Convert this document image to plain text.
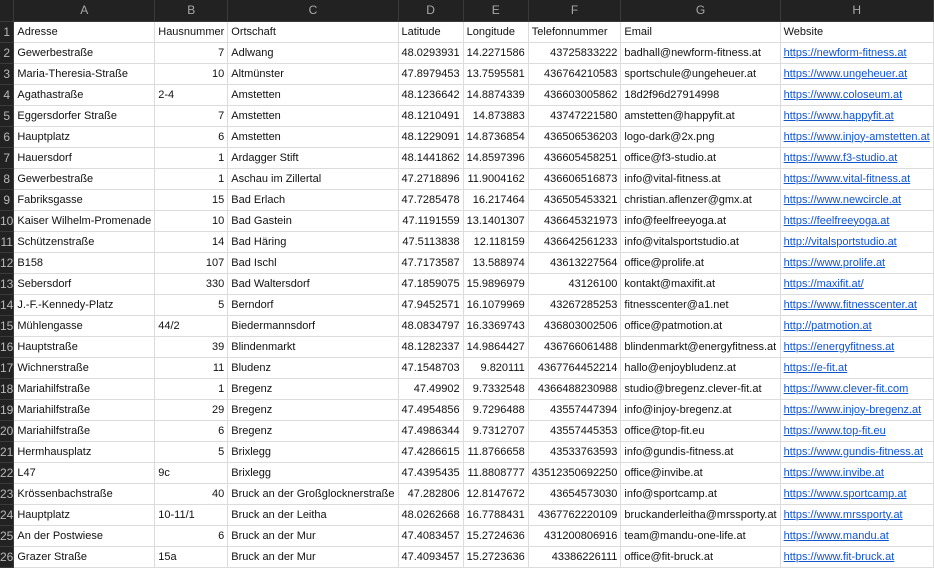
	A	B	C	D	E	F	G	H
1	Adresse	Hausnummer	Ortschaft	Latitude	Longitude	Telefonnummer	Email	Website
2	Gewerbestraße	7	Adlwang	48.0293931	14.2271586	43725833222	badhall@newform-fitness.at	https://newform-fitness.at
3	Maria-Theresia-Straße	10	Altmünster	47.8979453	13.7595581	436764210583	sportschule@ungeheuer.at	https://www.ungeheuer.at
4	Agathastraße	2-4	Amstetten	48.1236642	14.8874339	436603005862	18d2f96d27914998	https://www.coloseum.at
5	Eggersdorfer Straße	7	Amstetten	48.1210491	14.873883	43747221580	amstetten@happyfit.at	https://www.happyfit.at
6	Hauptplatz	6	Amstetten	48.1229091	14.8736854	436506536203	logo-dark@2x.png	https://www.injoy-amstetten.at
7	Hauersdorf	1	Ardagger Stift	48.1441862	14.8597396	436605458251	office@f3-studio.at	https://www.f3-studio.at
8	Gewerbestraße	1	Aschau im Zillertal	47.2718896	11.9004162	436606516873	info@vital-fitness.at	https://www.vital-fitness.at
9	Fabriksgasse	15	Bad Erlach	47.7285478	16.217464	436505453321	christian.aflenzer@gmx.at	https://www.newcircle.at
10	Kaiser Wilhelm-Promenade	10	Bad Gastein	47.1191559	13.1401307	436645321973	info@feelfreeyoga.at	https://feelfreeyoga.at
11	Schützenstraße	14	Bad Häring	47.5113838	12.118159	436642561233	info@vitalsportstudio.at	http://vitalsportstudio.at
12	B158	107	Bad Ischl	47.7173587	13.588974	43613227564	office@prolife.at	https://www.prolife.at
13	Sebersdorf	330	Bad Waltersdorf	47.1859075	15.9896979	43126100	kontakt@maxifit.at	https://maxifit.at/
14	J.-F.-Kennedy-Platz	5	Berndorf	47.9452571	16.1079969	43267285253	fitnesscenter@a1.net	https://www.fitnesscenter.at
15	Mühlengasse	44/2	Biedermannsdorf	48.0834797	16.3369743	436803002506	office@patmotion.at	http://patmotion.at
16	Hauptstraße	39	Blindenmarkt	48.1282337	14.9864427	436766061488	blindenmarkt@energyfitness.at	https://energyfitness.at
17	Wichnerstraße	11	Bludenz	47.1548703	9.820111	4367764452214	hallo@enjoybludenz.at	https://e-fit.at
18	Mariahilfstraße	1	Bregenz	47.49902	9.7332548	4366488230988	studio@bregenz.clever-fit.at	https://www.clever-fit.com
19	Mariahilfstraße	29	Bregenz	47.4954856	9.7296488	43557447394	info@injoy-bregenz.at	https://www.injoy-bregenz.at
20	Mariahilfstraße	6	Bregenz	47.4986344	9.7312707	43557445353	office@top-fit.eu	https://www.top-fit.eu
21	Hermhausplatz	5	Brixlegg	47.4286615	11.8766658	43533763593	info@gundis-fitness.at	https://www.gundis-fitness.at
22	L47	9c	Brixlegg	47.4395435	11.8808777	43512350692250	office@invibe.at	https://www.invibe.at
23	Krössenbachstraße	40	Bruck an der Großglocknerstraße	47.282806	12.8147672	43654573030	info@sportcamp.at	https://www.sportcamp.at
24	Hauptplatz	10-11/1	Bruck an der Leitha	48.0262668	16.7788431	4367762220109	bruckanderleitha@mrssporty.at	https://www.mrssporty.at
25	An der Postwiese	6	Bruck an der Mur	47.4083457	15.2724636	431200806916	team@mandu-one-life.at	https://www.mandu.at
26	Grazer Straße	15a	Bruck an der Mur	47.4093457	15.2723636	43386226111	office@fit-bruck.at	https://www.fit-bruck.at
